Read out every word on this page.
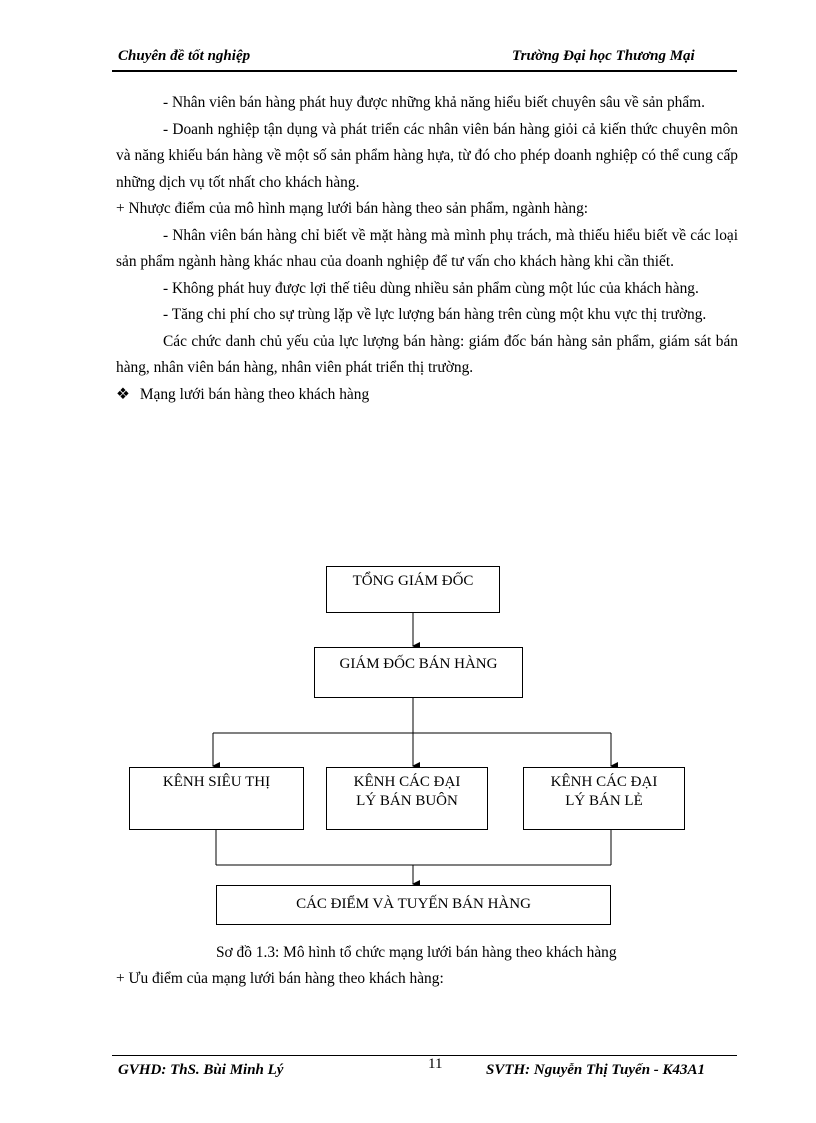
Chuyên đề tốt nghiệp	Trường Đại học Thương Mại

- Nhân viên bán hàng phát huy được những khả năng hiểu biết chuyên sâu về sản phẩm.

- Doanh nghiệp tận dụng và phát triển các nhân viên bán hàng giỏi cả kiến thức chuyên môn và năng khiếu bán hàng về một số sản phẩm hàng hựa, từ đó cho phép doanh nghiệp có thể cung cấp những dịch vụ tốt nhất cho khách hàng.

+ Nhược điểm của mô hình mạng lưới bán hàng theo sản phẩm, ngành hàng:

- Nhân viên bán hàng chỉ biết về mặt hàng mà mình phụ trách, mà thiếu hiểu biết về các loại sản phẩm ngành hàng khác nhau của doanh nghiệp để tư vấn cho khách hàng khi cần thiết.

- Không phát huy được lợi thế tiêu dùng nhiều sản phẩm cùng một lúc của khách hàng.

- Tăng chi phí cho sự trùng lặp về lực lượng bán hàng trên cùng một khu vực thị trường.

Các chức danh chủ yếu của lực lượng bán hàng: giám đốc bán hàng sản phẩm, giám sát bán hàng, nhân viên bán hàng, nhân viên phát triển thị trường.

❖ Mạng lưới bán hàng theo khách hàng

TỔNG GIÁM ĐỐC
GIÁM ĐỐC BÁN HÀNG
KÊNH SIÊU THỊ	KÊNH CÁC ĐẠI LÝ BÁN BUÔN
KÊNH CÁC ĐẠI LÝ BÁN LẺ
CÁC ĐIỂM VÀ TUYẾN BÁN HÀNG
Sơ đồ 1.3: Mô hình tổ chức mạng lưới bán hàng theo khách hàng
+ Ưu điểm của mạng lưới bán hàng theo khách hàng:
GVHD: ThS. Bùi Minh Lý	11	SVTH: Nguyễn Thị Tuyến - K43A1
